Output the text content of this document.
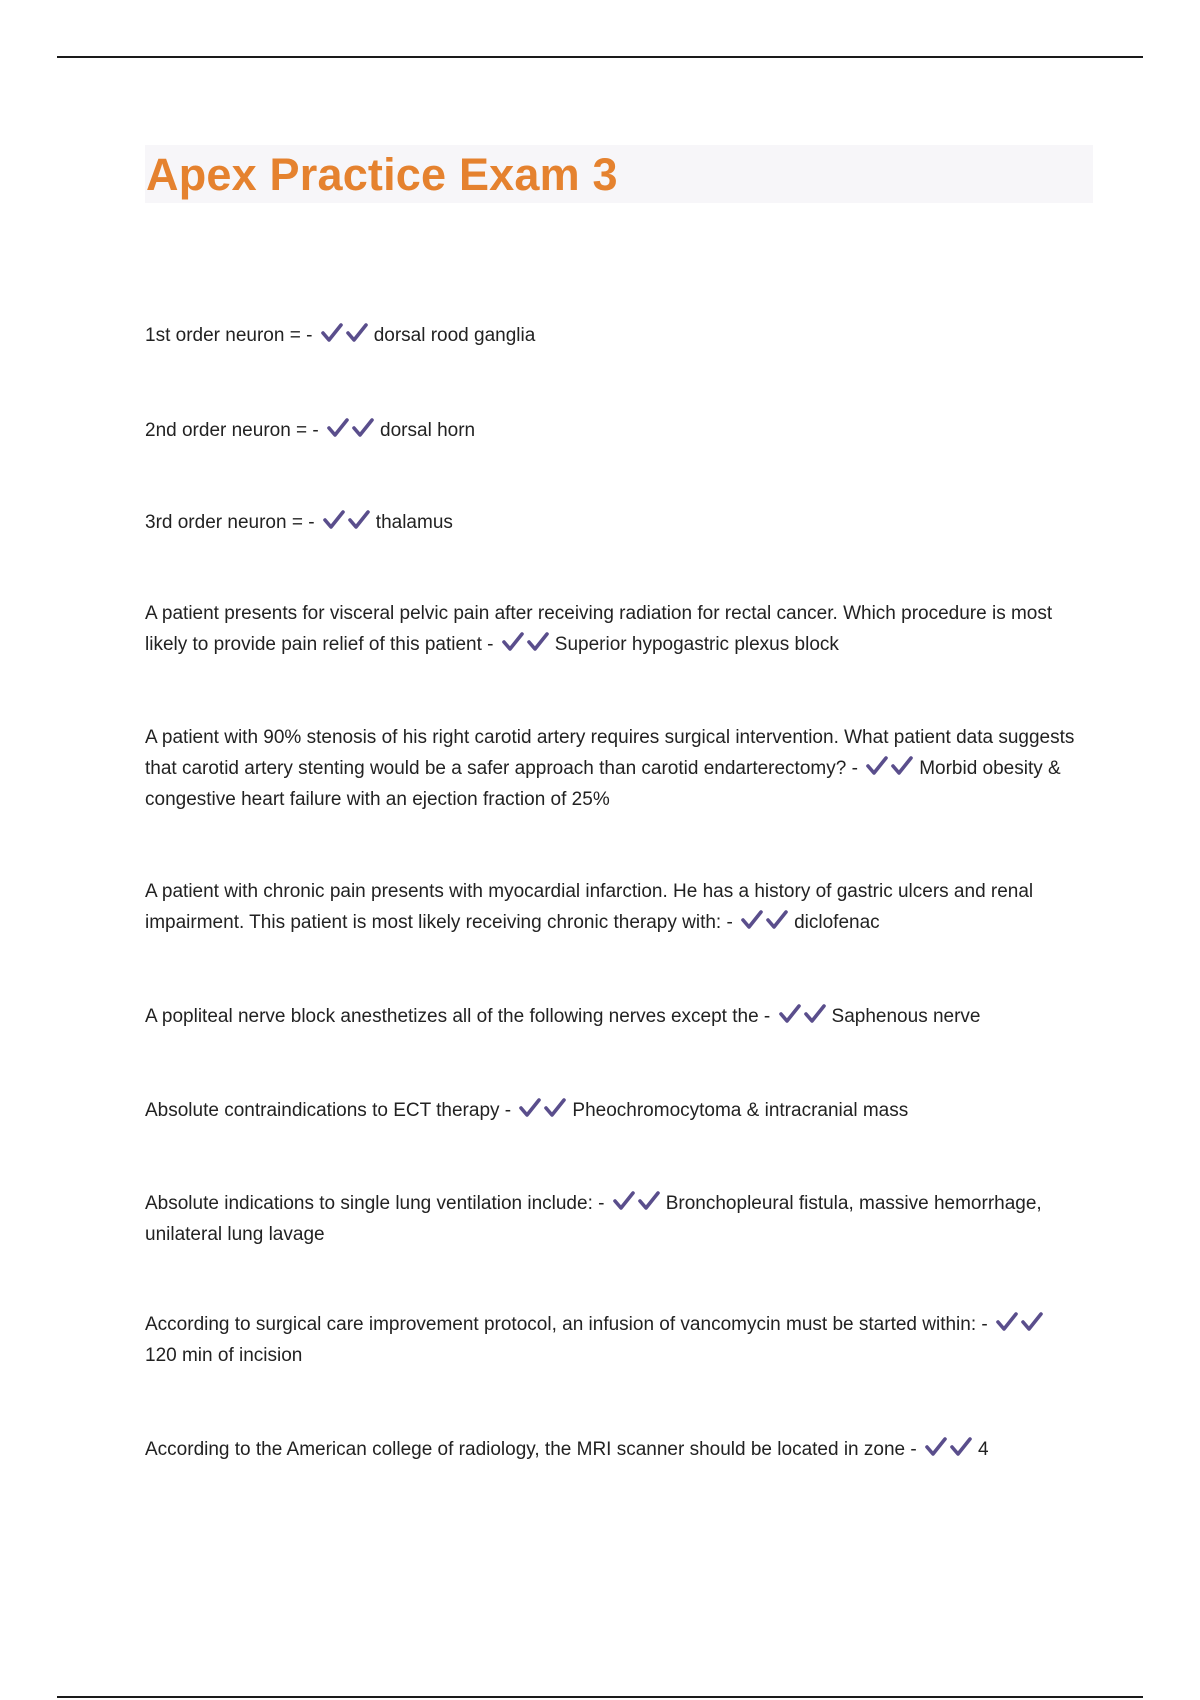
Apex Practice Exam 3

1st order neuron = -	dorsal rood ganglia

2nd order neuron = -	dorsal horn

3rd order neuron = -	thalamus

A patient presents for visceral pelvic pain after receiving radiation for rectal cancer. Which procedure is most likely to provide pain relief of this patient -	Superior hypogastric plexus block

A patient with 90% stenosis of his right carotid artery requires surgical intervention. What patient data suggests that carotid artery stenting would be a safer approach than carotid endarterectomy? -	Morbid obesity & congestive heart failure with an ejection fraction of 25%

A patient with chronic pain presents with myocardial infarction. He has a history of gastric ulcers and renal impairment. This patient is most likely receiving chronic therapy with: -	diclofenac

A popliteal nerve block anesthetizes all of the following nerves except the -	Saphenous nerve

Absolute contraindications to ECT therapy -	Pheochromocytoma & intracranial mass

Absolute indications to single lung ventilation include: -	Bronchopleural fistula, massive hemorrhage, unilateral lung lavage

According to surgical care improvement protocol, an infusion of vancomycin must be started within: -
120 min of incision

According to the American college of radiology, the MRI scanner should be located in zone -	4
